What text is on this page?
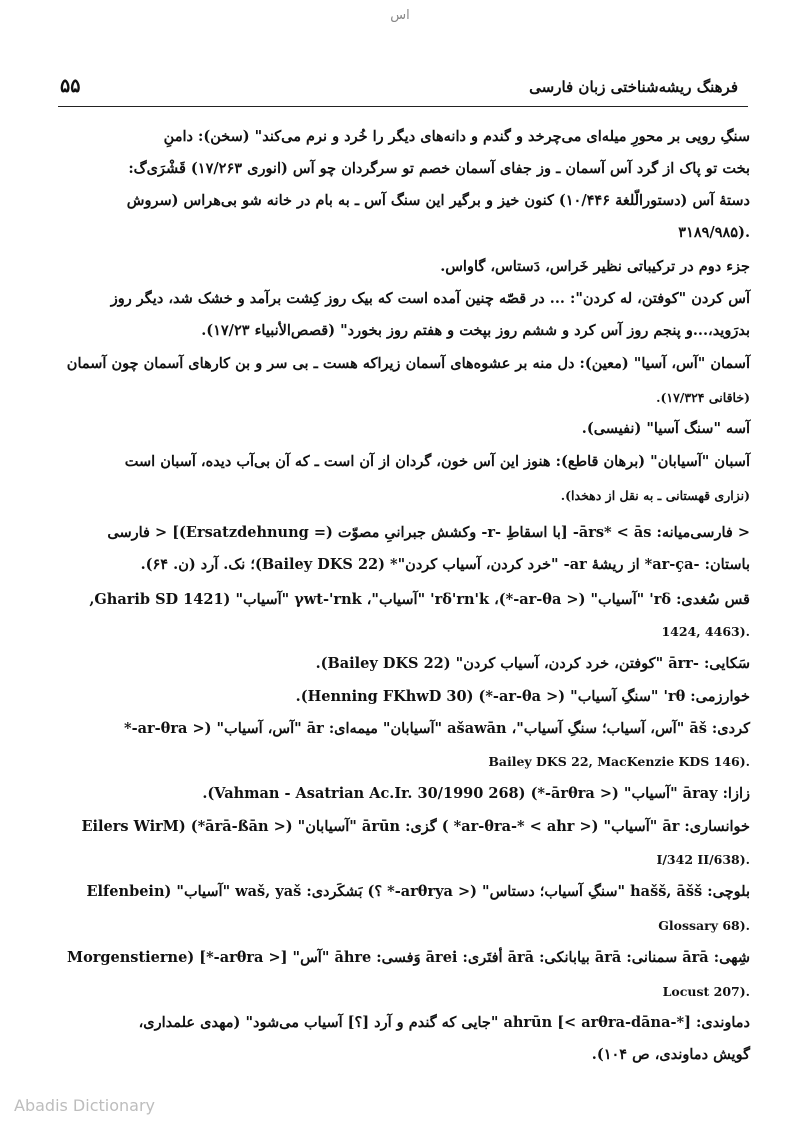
اس
۵۵	فرهنگ ریشه‌شناختی زبان فارسی
سنگِ رویی بر محورِ میله‌ای می‌چرخد و گندم و دانه‌های دیگر را خُرد و نرم می‌کند" (سخن): دامنِ
بخت تو پاک از گرد آس آسمان ـ وز جفای آسمان خصم تو سرگردان چو آس (انوری ۱۷/۲۶۳) قَشْرَی‌گ:
دستهٔ آس (دستورالّلغة ۱۰/۴۴۶) کنون خیز و برگیر این سنگ آس ـ به بام در خانه شو بی‌هراس (سروش
۳۱۸۹/۹۸۵).
جزء دوم در ترکیباتی نظیر خَراس، دَستاس، گاواس.
آس کردن "کوفتن، له کردن": ... در قصّه چنین آمده است که بیک روز کِشت برآمد و خشک شد، دیگر روز
بدرَوید،...و پنجم روز آس کرد و ششم روز بپخت و هفتم روز بخورد" (قصص‌الأنبیاء ۱۷/۲۳).
آسمان "آس، آسیا" (معین): دل منه بر عشوه‌های آسمان زیراکه هست ـ بی سر و بن کارهای آسمان چون آسمان
(خاقانی ۱۷/۳۲۴).
آسه "سنگ آسیا" (نفیسی).
آسبان "آسیابان" (برهان قاطع): هنوز این آس خون، گردان از آن است ـ که آن بی‌آب دیده، آسبان است
(نزاری قهستانی ـ به نقل از دهخدا).
< فارسی‌میانه: ārs* < ās- [با اسقاطِ -r- وکشش جبرانیِ مصوّت (= Ersatzdehnung)] < فارسی
باستان: -ar-ça* از ریشهٔ ar- "خرد کردن، آسیاب کردن"* (Bailey DKS 22)؛ نک. آرد (ن. ۶۴).
قس سُغدی: rδ' "آسیاب" (< ar-θa-*)، rδ'rn'k' "آسیاب"، γwt-'rnk "آسیاب" (Gharib SD 1421,
1424, 4463).
سَکایی: -ārr "کوفتن، خرد کردن، آسیاب کردن" (Bailey DKS 22).
خوارزمی: rθ' "سنگِ آسیاب" (< ar-θa-*) (Henning FKhwD 30).
کردی: āš "آس، آسیاب؛ سنگِ آسیاب"، ašawān "آسیابان" میمه‌ای: ār "آس، آسیاب" (< ar-θra-*
Bailey DKS 22, MacKenzie KDS 146).
زازا: āray "آسیاب" (< ārθra-*) (Vahman - Asatrian Ac.Ir. 30/1990 268).
خوانساری: ār "آسیاب" (< ar-θra-* < ahr* ) گزی: ārūn "آسیابان" (< ārā-ßān*) (Eilers WirM
I/342 II/638).
بلوچی: hašš, āšš "سنگِ آسیاب؛ دستاس" (< arθrya-* ؟) بَشکَردی: waš, yaš "آسیاب" (Elfenbein
Glossary 68).
شِهی: ārā سمنانی: ārā بیابانکی: ārā أفتَری: ārei وَفسی: āhre "آس" [< arθra-*] (Morgenstierne
Locust 207).
دماوندی: ahrūn [< arθra-dāna-*] "جایی که گندم و آرد [؟] آسیاب می‌شود" (مهدی علمداری،
گویش دماوندی، ص ۱۰۴).
Abadis Dictionary
